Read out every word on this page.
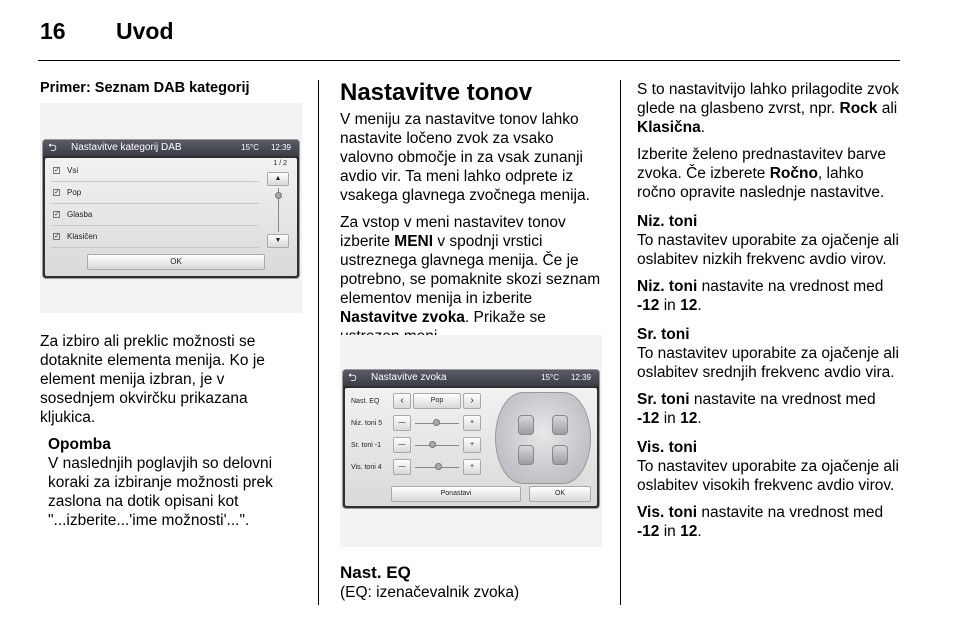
16 Uvod

Primer: Seznam DAB kategorij

⮌ Nastavitve kategorij DAB	15°C 12:39
✓ Vsi
✓ Pop
✓ Glasba
✓ Klasičen
1 / 2
▲
▼
OK

Za izbiro ali preklic možnosti se dotaknite elementa menija. Ko je element menija izbran, je v sosednjem okvirčku prikazana kljukica.

Opomba
V naslednjih poglavjih so delovni koraki za izbiranje možnosti prek zaslona na dotik opisani kot "...izberite...'ime možnosti'...".
Nastavitve tonov

V meniju za nastavitve tonov lahko nastavite ločeno zvok za vsako valovno območje in za vsak zunanji avdio vir. Ta meni lahko odprete iz vsakega glavnega zvočnega menija.

Za vstop v meni nastavitev tonov izberite MENI v spodnji vrstici ustreznega glavnega menija. Če je potrebno, se pomaknite skozi seznam elementov menija in izberite Nastavitve zvoka. Prikaže se

⮌ Nastavitve zvoka	15°C 12:39
Nast. EQ	‹	Pop	›
Niz. toni 5	—	+
Sr. toni -1	—	+
Vis. toni 4	—	+
Ponastavi	OK
Nast. EQ
(EQ: izenačevalnik zvoka)

S to nastavitvijo lahko prilagodite zvok glede na glasbeno zvrst, npr. Rock ali Klasična.

Izberite želeno prednastavitev barve zvoka. Če izberete Ročno, lahko ročno opravite naslednje nastavitve.

Niz. toni

To nastavitev uporabite za ojačenje ali oslabitev nizkih frekvenc avdio virov.

Niz. toni nastavite na vrednost med -12 in 12.

Sr. toni

To nastavitev uporabite za ojačenje ali oslabitev srednjih frekvenc avdio vira.

Sr. toni nastavite na vrednost med -12 in 12.

Vis. toni

To nastavitev uporabite za ojačenje ali oslabitev visokih frekvenc avdio virov.

Vis. toni nastavite na vrednost med -12 in 12.
